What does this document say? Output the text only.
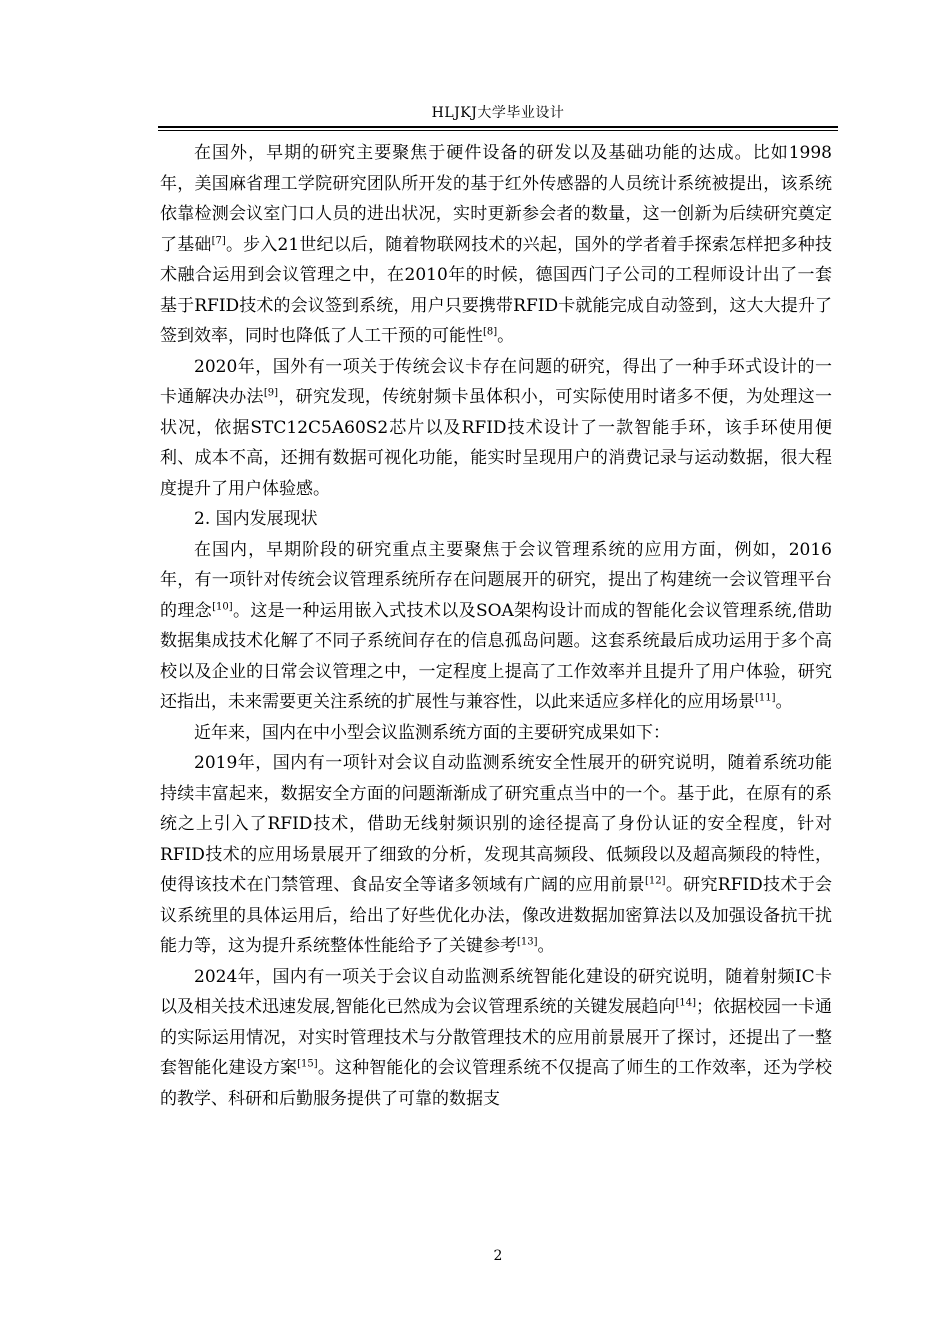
HLJKJ大学毕业设计

在国外，早期的研究主要聚焦于硬件设备的研发以及基础功能的达成。比如1998年，美国麻省理工学院研究团队所开发的基于红外传感器的人员统计系统被提出，该系统依靠检测会议室门口人员的进出状况，实时更新参会者的数量，这一创新为后续研究奠定了基础[7]。步入21世纪以后，随着物联网技术的兴起，国外的学者着手探索怎样把多种技术融合运用到会议管理之中，在2010年的时候，德国西门子公司的工程师设计出了一套基于RFID技术的会议签到系统，用户只要携带RFID卡就能完成自动签到，这大大提升了签到效率，同时也降低了人工干预的可能性[8]。

2020年，国外有一项关于传统会议卡存在问题的研究，得出了一种手环式设计的一卡通解决办法[9]，研究发现，传统射频卡虽体积小，可实际使用时诸多不便，为处理这一状况，依据STC12C5A60S2芯片以及RFID技术设计了一款智能手环，该手环使用便利、成本不高，还拥有数据可视化功能，能实时呈现用户的消费记录与运动数据，很大程度提升了用户体验感。

2. 国内发展现状

在国内，早期阶段的研究重点主要聚焦于会议管理系统的应用方面，例如，2016年，有一项针对传统会议管理系统所存在问题展开的研究，提出了构建统一会议管理平台的理念[10]。这是一种运用嵌入式技术以及SOA架构设计而成的智能化会议管理系统,借助数据集成技术化解了不同子系统间存在的信息孤岛问题。这套系统最后成功运用于多个高校以及企业的日常会议管理之中，一定程度上提高了工作效率并且提升了用户体验，研究还指出，未来需要更关注系统的扩展性与兼容性，以此来适应多样化的应用场景[11]。

近年来，国内在中小型会议监测系统方面的主要研究成果如下：

2019年，国内有一项针对会议自动监测系统安全性展开的研究说明，随着系统功能持续丰富起来，数据安全方面的问题渐渐成了研究重点当中的一个。基于此，在原有的系统之上引入了RFID技术，借助无线射频识别的途径提高了身份认证的安全程度，针对RFID技术的应用场景展开了细致的分析，发现其高频段、低频段以及超高频段的特性，使得该技术在门禁管理、食品安全等诸多领域有广阔的应用前景[12]。研究RFID技术于会议系统里的具体运用后，给出了好些优化办法，像改进数据加密算法以及加强设备抗干扰能力等，这为提升系统整体性能给予了关键参考[13]。

2024年，国内有一项关于会议自动监测系统智能化建设的研究说明，随着射频IC卡以及相关技术迅速发展,智能化已然成为会议管理系统的关键发展趋向[14]；依据校园一卡通的实际运用情况，对实时管理技术与分散管理技术的应用前景展开了探讨，还提出了一整套智能化建设方案[15]。这种智能化的会议管理系统不仅提高了师生的工作效率，还为学校的教学、科研和后勤服务提供了可靠的数据支

2
